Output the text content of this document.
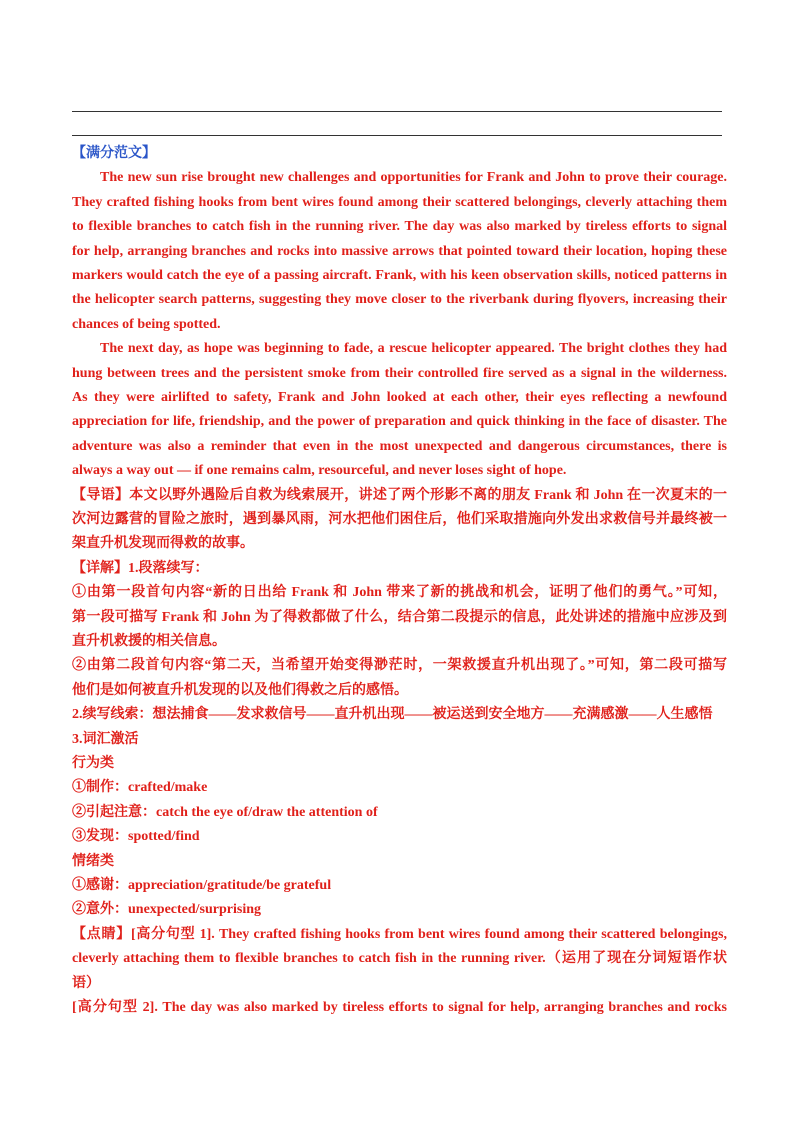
【满分范文】

The new sun rise brought new challenges and opportunities for Frank and John to prove their courage.

They crafted fishing hooks from bent wires found among their scattered belongings, cleverly attaching them

to flexible branches to catch fish in the running river. The day was also marked by tireless efforts to signal

for help, arranging branches and rocks into massive arrows that pointed toward their location, hoping these

markers would catch the eye of a passing aircraft. Frank, with his keen observation skills, noticed patterns in

the helicopter search patterns, suggesting they move closer to the riverbank during flyovers, increasing their

chances of being spotted.

The next day, as hope was beginning to fade, a rescue helicopter appeared. The bright clothes they had

hung between trees and the persistent smoke from their controlled fire served as a signal in the wilderness.

As they were airlifted to safety, Frank and John looked at each other, their eyes reflecting a newfound

appreciation for life, friendship, and the power of preparation and quick thinking in the face of disaster. The

adventure was also a reminder that even in the most unexpected and dangerous circumstances, there is

always a way out — if one remains calm, resourceful, and never loses sight of hope.

【导语】本文以野外遇险后自救为线索展开，讲述了两个形影不离的朋友 Frank 和 John 在一次夏末的一

次河边露营的冒险之旅时，遇到暴风雨，河水把他们困住后，他们采取措施向外发出求救信号并最终被一

架直升机发现而得救的故事。

【详解】1.段落续写：

①由第一段首句内容“新的日出给 Frank 和 John 带来了新的挑战和机会，证明了他们的勇气。”可知，

第一段可描写 Frank 和 John 为了得救都做了什么，结合第二段提示的信息，此处讲述的措施中应涉及到

直升机救援的相关信息。

②由第二段首句内容“第二天，当希望开始变得渺茫时，一架救援直升机出现了。”可知，第二段可描写

他们是如何被直升机发现的以及他们得救之后的感悟。

2.续写线索：想法捕食——发求救信号——直升机出现——被运送到安全地方——充满感激——人生感悟

3.词汇激活

行为类

①制作：crafted/make

②引起注意：catch the eye of/draw the attention of

③发现：spotted/find

情绪类

①感谢：appreciation/gratitude/be grateful

②意外：unexpected/surprising

【点睛】[高分句型 1]. They crafted fishing hooks from bent wires found among their scattered belongings,

cleverly attaching them to flexible branches to catch fish in the running river.（运用了现在分词短语作状

语）

[高分句型 2]. The day was also marked by tireless efforts to signal for help, arranging branches and rocks
